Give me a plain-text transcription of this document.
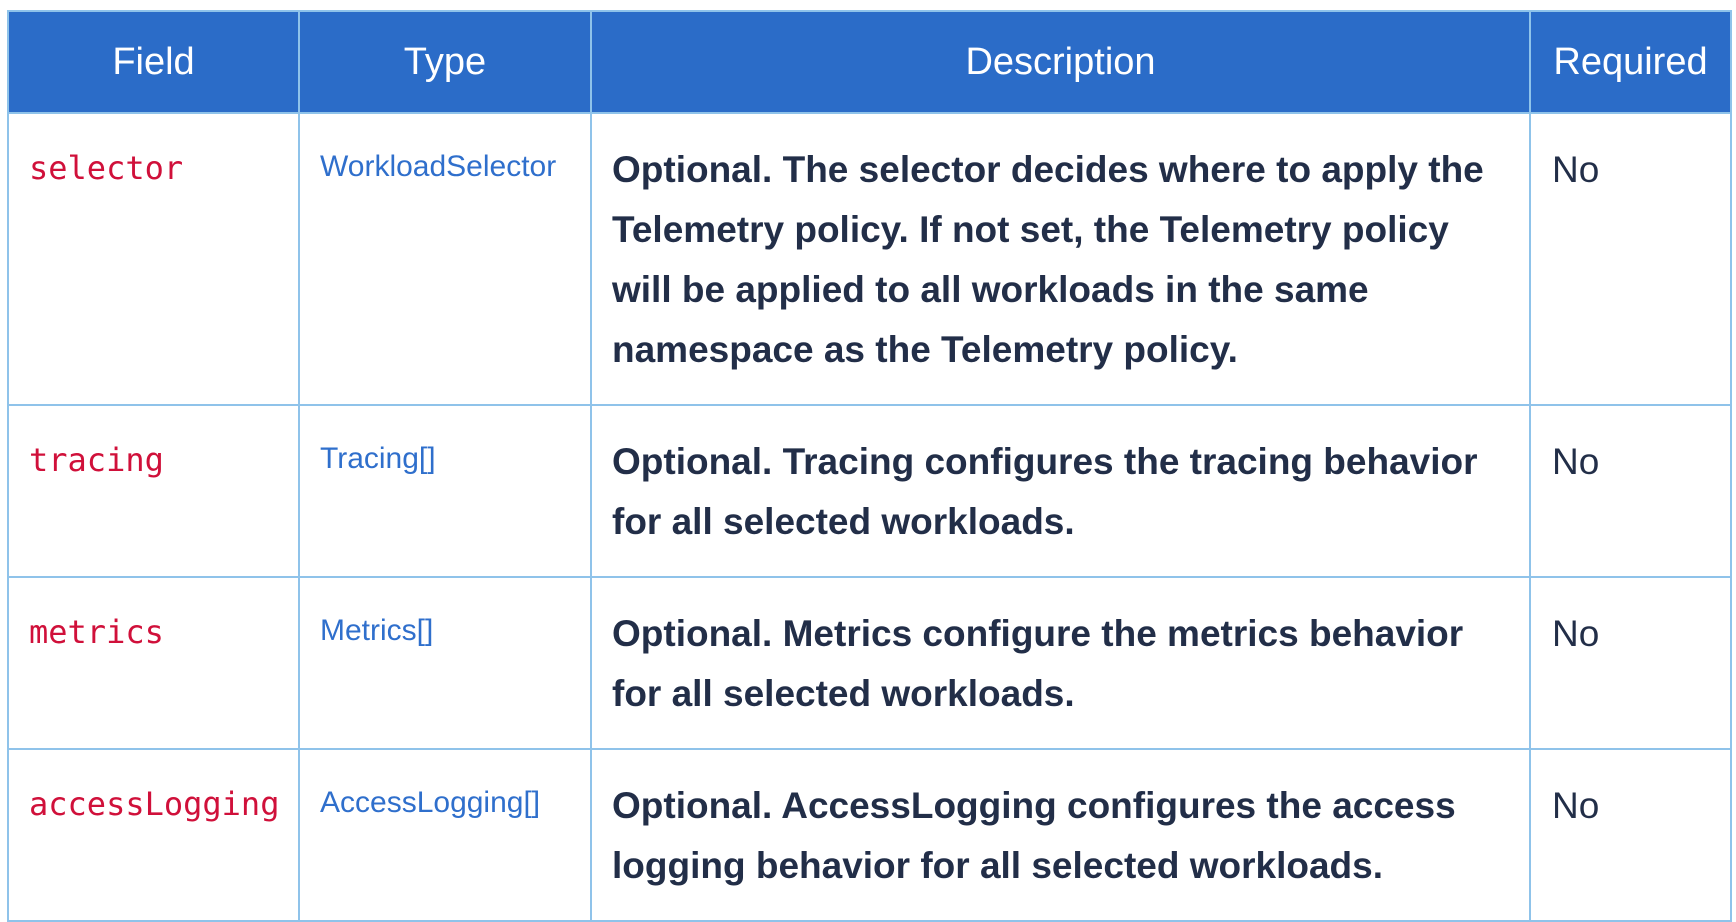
Field	Type	Description	Required
selector	WorkloadSelector	Optional. The selector decides where to apply the Telemetry policy. If not set, the Telemetry policy will be applied to all workloads in the same namespace as the Telemetry policy.	No
tracing	Tracing[]	Optional. Tracing configures the tracing behavior for all selected workloads.	No
metrics	Metrics[]	Optional. Metrics configure the metrics behavior for all selected workloads.	No
accessLogging	AccessLogging[]	Optional. AccessLogging configures the access logging behavior for all selected workloads.	No
